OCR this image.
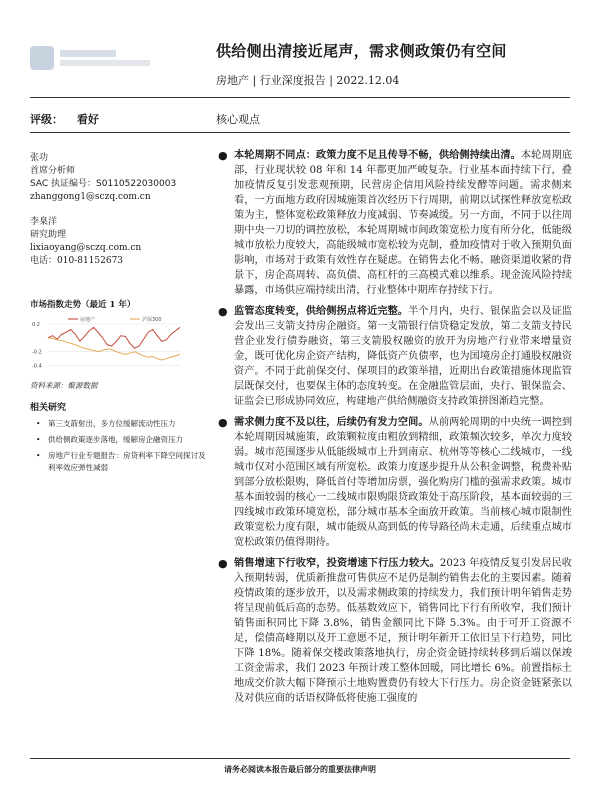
供给侧出清接近尾声，需求侧政策仍有空间
房地产 | 行业深度报告 | 2022.12.04
评级： 看好	核心观点
张功
首席分析师
SAC 执证编号：S0110522030003
zhanggong1@sczq.com.cn
李臬洋
研究助理
lixiaoyang@sczq.com.cn
电话：010-81152673
市场指数走势（最近 1 年）
0.2
-0.2
-0.4
房地产	沪深300
资料来源：聚源数据
相关研究
• 第三支箭射出，多方位缓解流动性压力
• 供给侧政策逐步落地，缓解房企融资压力
• 房地产行业专题报告：房贷利率下降空间探讨及利率效应弹性减弱
● 本轮周期不同点：政策力度不足且传导不畅，供给侧持续出清。本轮周期底部，行业现状较 08 年和 14 年都更加严峻复杂。行业基本面持续下行，叠加疫情反复引发悲观预期，民营房企信用风险持续发酵等问题。需求侧来看，一方面地方政府因城施策首次经历下行周期，前期以试探性释放宽松政策为主，整体宽松政策释放力度减弱、节奏减缓。另一方面，不同于以往周期中央一刀切的调控放松，本轮周期城市间政策宽松力度有所分化，低能级城市放松力度较大，高能级城市宽松较为克制，叠加疫情对于收入预期负面影响，市场对于政策有效性存在疑虑。在销售去化不畅、融资渠道收紧的背景下，房企高周转、高负债、高杠杆的三高模式难以维系。现金流风险持续暴露，市场供应端持续出清，行业整体中期库存持续下行。
● 监管态度转变，供给侧拐点将近完整。半个月内，央行、银保监会以及证监会发出三支箭支持房企融资。第一支箭银行信贷稳定发放，第二支箭支持民营企业发行债券融资，第三支箭股权融资的放开为房地产行业带来增量资金，既可优化房企资产结构，降低资产负债率，也为国境房企打通股权融资资产。不同于此前保交付、保项目的政策举措，近期出台政策措施体现监管层既保交付，也要保主体的态度转变。在金融监管层面，央行、银保监会、证监会已形成协同效应，构建地产供给侧融资支持政策拼图渐趋完整。
● 需求侧力度不及以往，后续仍有发力空间。从前两轮周期的中央统一调控到本轮周期因城施策，政策颗粒度由粗放到精细，政策频次较多，单次力度较弱。城市范围逐步从低能级城市上升到南京、杭州等等核心二线城市，一线城市仅对小范围区域有所宽松。政策力度逐步提升从公积金调整，税费补贴到部分放松限购，降低首付等增加房票，强化购房门槛的强需求政策。城市基本面较弱的核心一二线城市限购限贷政策处于高压阶段，基本面较弱的三四线城市政策环境宽松，部分城市基本全面放开政策。当前核心城市限制性政策宽松力度有限，城市能级从高到低的传导路径尚未走通，后续重点城市宽松政策仍值得期待。
● 销售增速下行收窄，投资增速下行压力较大。2023 年疫情反复引发居民收入预期转弱，优质新推盘可售供应不足仍是制约销售去化的主要因素。随着疫情政策的逐步放开，以及需求侧政策的持续发力，我们预计明年销售走势将呈现前低后高的态势。低基数效应下，销售同比下行有所收窄，我们预计销售面积同比下降 3.8%，销售金额同比下降 5.3%。由于可开工资源不足，偿债高峰期以及开工意愿不足，预计明年新开工依旧呈下行趋势，同比下降 18%。随着保交楼政策落地执行，房企资金链持续转移到后端以保竣工资金需求，我们 2023 年预计竣工整体回暖，同比增长 6%。前置指标土地成交价款大幅下降预示土地购置费仍有较大下行压力。房企资金链紧张以及对供应商的话语权降低将使施工强度的
请务必阅读本报告最后部分的重要法律声明
